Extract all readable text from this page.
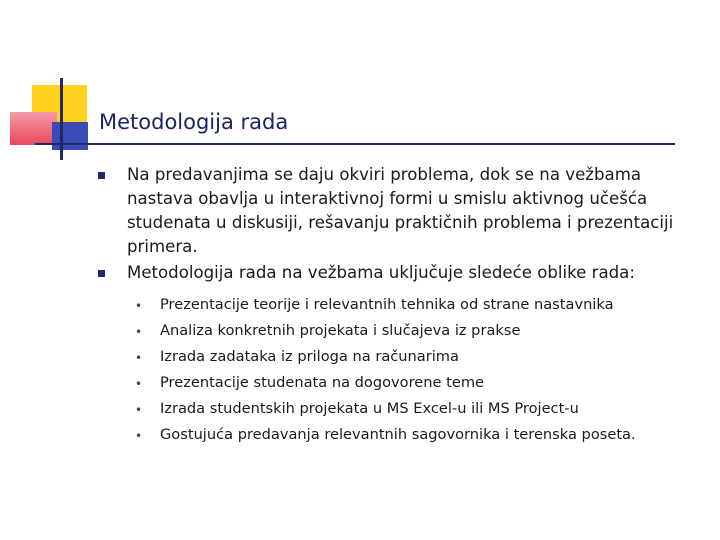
Metodologija rada
Na predavanjima se daju okviri problema, dok se na vežbama nastava obavlja u interaktivnoj formi u smislu aktivnog učešća studenata u diskusiji, rešavanju praktičnih problema i prezentaciji primera.
Metodologija rada na vežbama uključuje sledeće oblike rada:
• Prezentacije teorije i relevantnih tehnika od strane nastavnika
• Analiza konkretnih projekata i slučajeva iz prakse
• Izrada zadataka iz priloga na računarima
• Prezentacije studenata na dogovorene teme
• Izrada studentskih projekata u MS Excel-u ili MS Project-u
• Gostujuća predavanja relevantnih sagovornika i terenska poseta.
